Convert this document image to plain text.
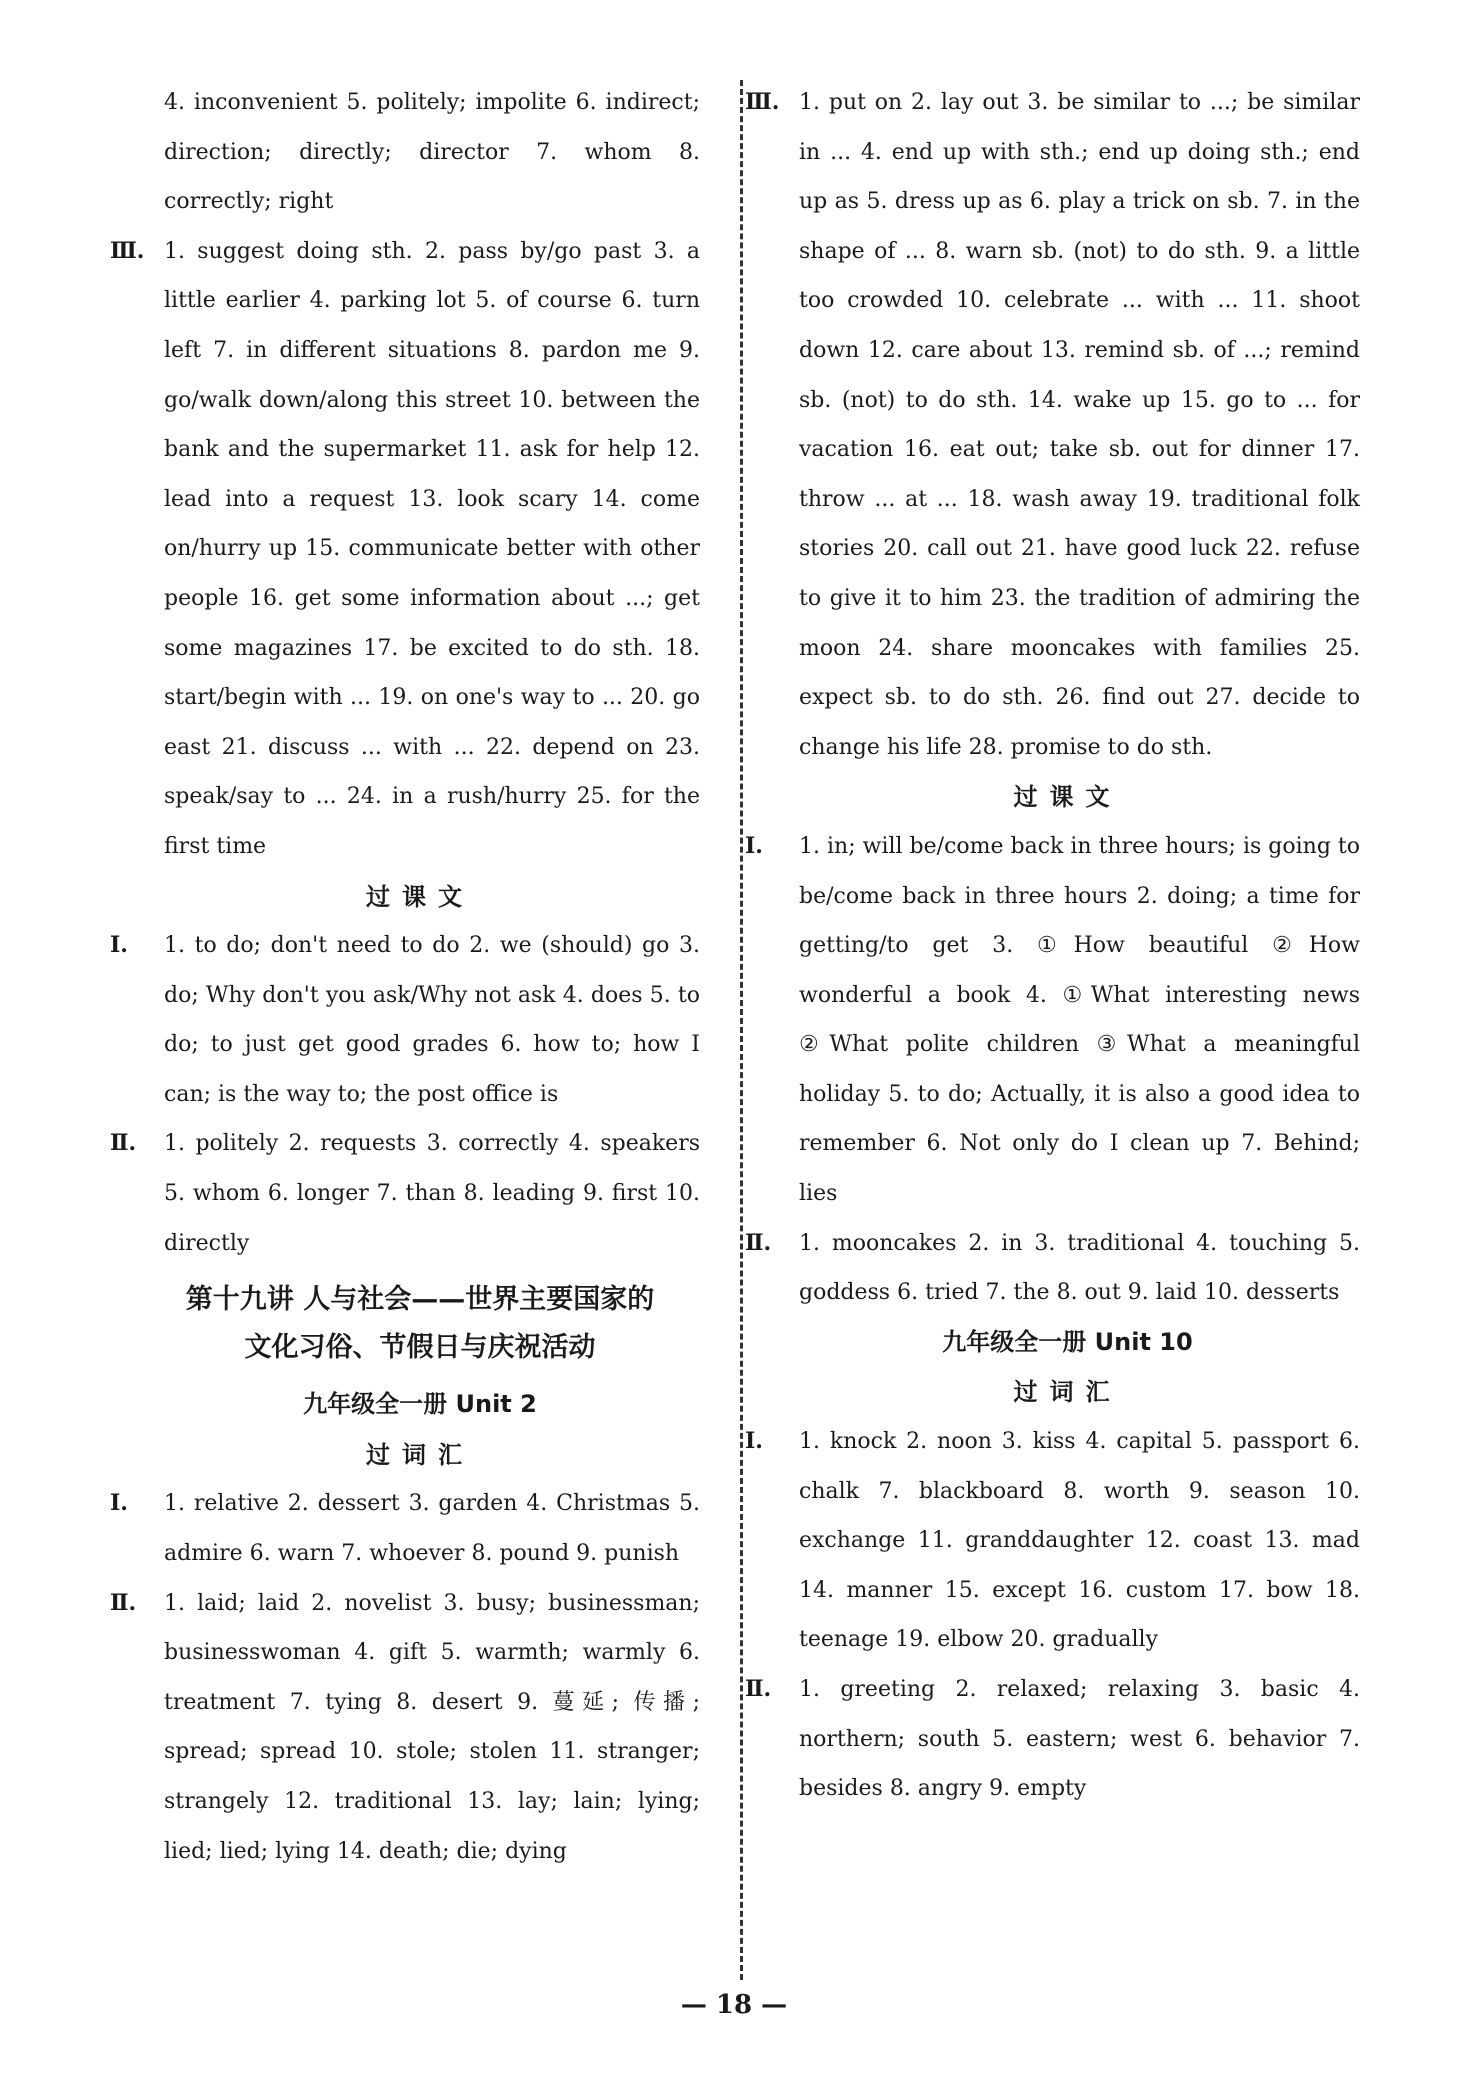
4. inconvenient 5. politely; impolite 6. indirect; direction; directly; director 7. whom 8. correctly; right
Ⅲ. 1. suggest doing sth. 2. pass by/go past 3. a little earlier 4. parking lot 5. of course 6. turn left 7. in different situations 8. pardon me 9. go/walk down/along this street 10. between the bank and the supermarket 11. ask for help 12. lead into a request 13. look scary 14. come on/hurry up 15. communicate better with other people 16. get some information about ...; get some magazines 17. be excited to do sth. 18. start/begin with ... 19. on one's way to ... 20. go east 21. discuss ... with ... 22. depend on 23. speak/say to ... 24. in a rush/hurry 25. for the first time
过课文
Ⅰ. 1. to do; don't need to do 2. we (should) go 3. do; Why don't you ask/Why not ask 4. does 5. to do; to just get good grades 6. how to; how I can; is the way to; the post office is
Ⅱ. 1. politely 2. requests 3. correctly 4. speakers 5. whom 6. longer 7. than 8. leading 9. first 10. directly
第十九讲 人与社会——世界主要国家的
文化习俗、节假日与庆祝活动
九年级全一册 Unit 2
过词汇
Ⅰ. 1. relative 2. dessert 3. garden 4. Christmas 5. admire 6. warn 7. whoever 8. pound 9. punish
Ⅱ. 1. laid; laid 2. novelist 3. busy; businessman; businesswoman 4. gift 5. warmth; warmly 6. treatment 7. tying 8. desert 9. 蔓延; 传播; spread; spread 10. stole; stolen 11. stranger; strangely 12. traditional 13. lay; lain; lying; lied; lied; lying 14. death; die; dying
Ⅲ. 1. put on 2. lay out 3. be similar to ...; be similar in ... 4. end up with sth.; end up doing sth.; end up as 5. dress up as 6. play a trick on sb. 7. in the shape of ... 8. warn sb. (not) to do sth. 9. a little too crowded 10. celebrate ... with ... 11. shoot down 12. care about 13. remind sb. of ...; remind sb. (not) to do sth. 14. wake up 15. go to ... for vacation 16. eat out; take sb. out for dinner 17. throw ... at ... 18. wash away 19. traditional folk stories 20. call out 21. have good luck 22. refuse to give it to him 23. the tradition of admiring the moon 24. share mooncakes with families 25. expect sb. to do sth. 26. find out 27. decide to change his life 28. promise to do sth.
过课文
Ⅰ. 1. in; will be/come back in three hours; is going to be/come back in three hours 2. doing; a time for getting/to get 3. ①How beautiful ②How wonderful a book 4. ①What interesting news ②What polite children ③What a meaningful holiday 5. to do; Actually, it is also a good idea to remember 6. Not only do I clean up 7. Behind; lies
Ⅱ. 1. mooncakes 2. in 3. traditional 4. touching 5. goddess 6. tried 7. the 8. out 9. laid 10. desserts
九年级全一册 Unit 10
过词汇
Ⅰ. 1. knock 2. noon 3. kiss 4. capital 5. passport 6. chalk 7. blackboard 8. worth 9. season 10. exchange 11. granddaughter 12. coast 13. mad 14. manner 15. except 16. custom 17. bow 18. teenage 19. elbow 20. gradually
Ⅱ. 1. greeting 2. relaxed; relaxing 3. basic 4. northern; south 5. eastern; west 6. behavior 7. besides 8. angry 9. empty
— 18 —
